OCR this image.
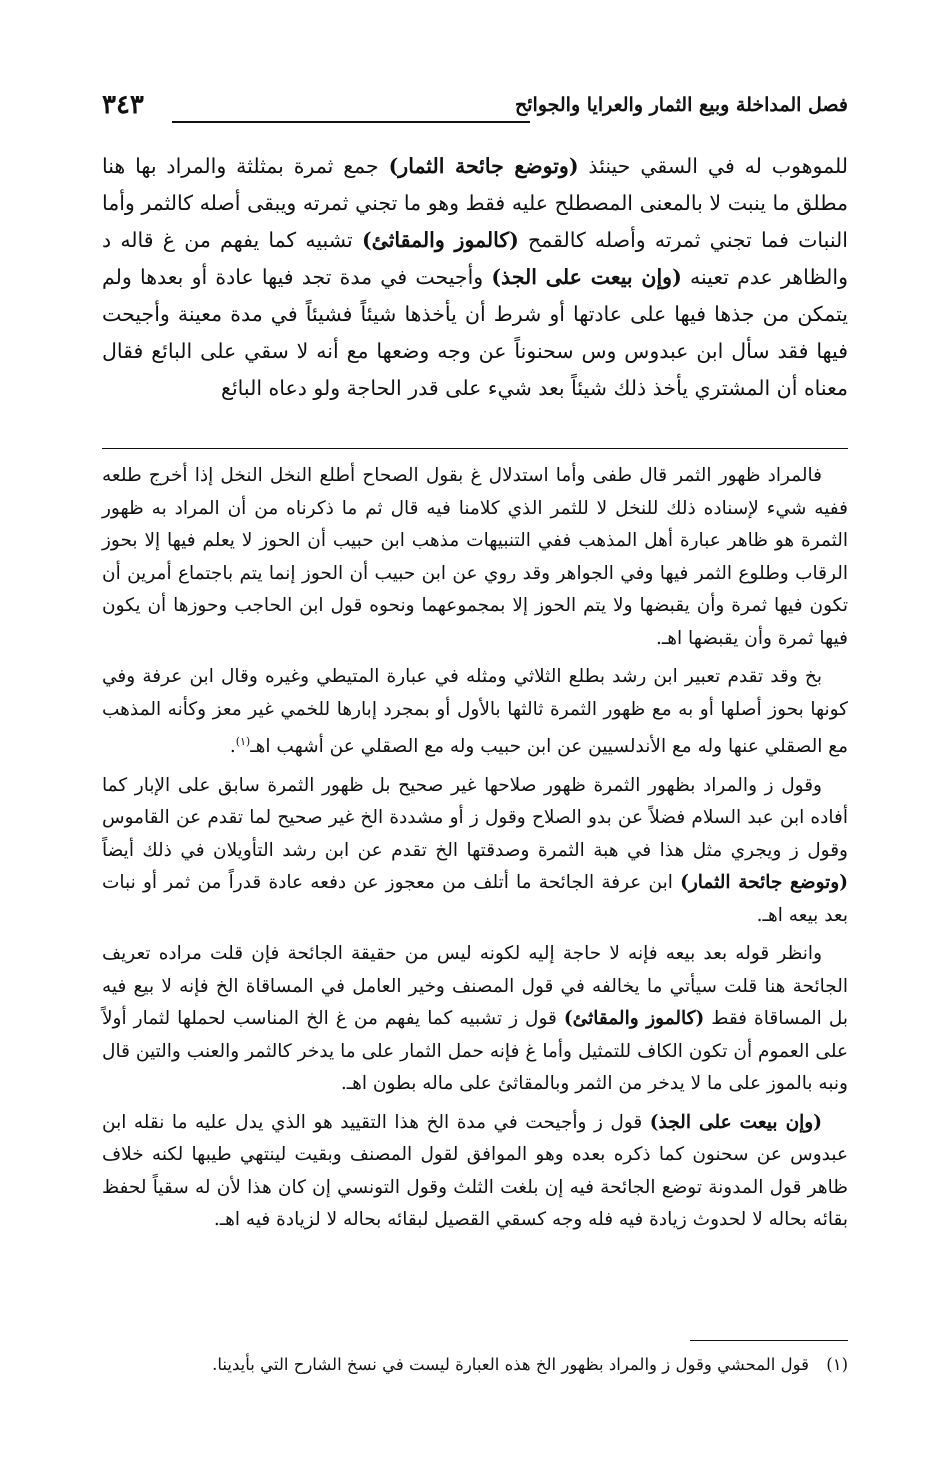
فصل المداخلة وبيع الثمار والعرايا والجوائح
٣٤٣

للموهوب له في السقي حينئذ (وتوضع جائحة الثمار) جمع ثمرة بمثلثة والمراد بها هنا مطلق ما ينبت لا بالمعنى المصطلح عليه فقط وهو ما تجني ثمرته ويبقى أصله كالثمر وأما النبات فما تجني ثمرته وأصله كالقمح (كالموز والمقاثئ) تشبيه كما يفهم من غ قاله د والظاهر عدم تعينه (وإن بيعت على الجذ) وأجيحت في مدة تجد فيها عادة أو بعدها ولم يتمكن من جذها فيها على عادتها أو شرط أن يأخذها شيئاً فشيئاً في مدة معينة وأجيحت فيها فقد سأل ابن عبدوس وس سحنوناً عن وجه وضعها مع أنه لا سقي على البائع فقال معناه أن المشتري يأخذ ذلك شيئاً بعد شيء على قدر الحاجة ولو دعاه البائع

فالمراد ظهور الثمر قال طفى وأما استدلال غ بقول الصحاح أطلع النخل النخل إذا أخرج طلعه ففيه شيء لإسناده ذلك للنخل لا للثمر الذي كلامنا فيه قال ثم ما ذكرناه من أن المراد به ظهور الثمرة هو ظاهر عبارة أهل المذهب ففي التنبيهات مذهب ابن حبيب أن الحوز لا يعلم فيها إلا بحوز الرقاب وطلوع الثمر فيها وفي الجواهر وقد روي عن ابن حبيب أن الحوز إنما يتم باجتماع أمرين أن تكون فيها ثمرة وأن يقبضها ولا يتم الحوز إلا بمجموعهما ونحوه قول ابن الحاجب وحوزها أن يكون فيها ثمرة وأن يقبضها اهـ.

بخ وقد تقدم تعبير ابن رشد بطلع الثلاثي ومثله في عبارة المتيطي وغيره وقال ابن عرفة وفي كونها بحوز أصلها أو به مع ظهور الثمرة ثالثها بالأول أو بمجرد إبارها للخمي غير معز وكأنه المذهب مع الصقلي عنها وله مع الأندلسيين عن ابن حبيب وله مع الصقلي عن أشهب اهـ$^{(١)}$.

وقول ز والمراد بظهور الثمرة ظهور صلاحها غير صحيح بل ظهور الثمرة سابق على الإبار كما أفاده ابن عبد السلام فضلاً عن بدو الصلاح وقول ز أو مشددة الخ غير صحيح لما تقدم عن القاموس وقول ز ويجري مثل هذا في هبة الثمرة وصدقتها الخ تقدم عن ابن رشد التأويلان في ذلك أيضاً (وتوضع جائحة الثمار) ابن عرفة الجائحة ما أتلف من معجوز عن دفعه عادة قدراً من ثمر أو نبات بعد بيعه اهـ.

وانظر قوله بعد بيعه فإنه لا حاجة إليه لكونه ليس من حقيقة الجائحة فإن قلت مراده تعريف الجائحة هنا قلت سيأتي ما يخالفه في قول المصنف وخير العامل في المساقاة الخ فإنه لا بيع فيه بل المساقاة فقط (كالموز والمقاثئ) قول ز تشبيه كما يفهم من غ الخ المناسب لحملها لثمار أولاً على العموم أن تكون الكاف للتمثيل وأما غ فإنه حمل الثمار على ما يدخر كالثمر والعنب والتين قال ونبه بالموز على ما لا يدخر من الثمر وبالمقاثئ على ماله بطون اهـ.

(وإن بيعت على الجذ) قول ز وأجيحت في مدة الخ هذا التقييد هو الذي يدل عليه ما نقله ابن عبدوس عن سحنون كما ذكره بعده وهو الموافق لقول المصنف وبقيت لينتهي طيبها لكنه خلاف ظاهر قول المدونة توضع الجائحة فيه إن بلغت الثلث وقول التونسي إن كان هذا لأن له سقياً لحفظ بقائه بحاله لا لحدوث زيادة فيه فله وجه كسقي القصيل لبقائه بحاله لا لزيادة فيه اهـ.

(١) قول المحشي وقول ز والمراد بظهور الخ هذه العبارة ليست في نسخ الشارح التي بأيدينا.
